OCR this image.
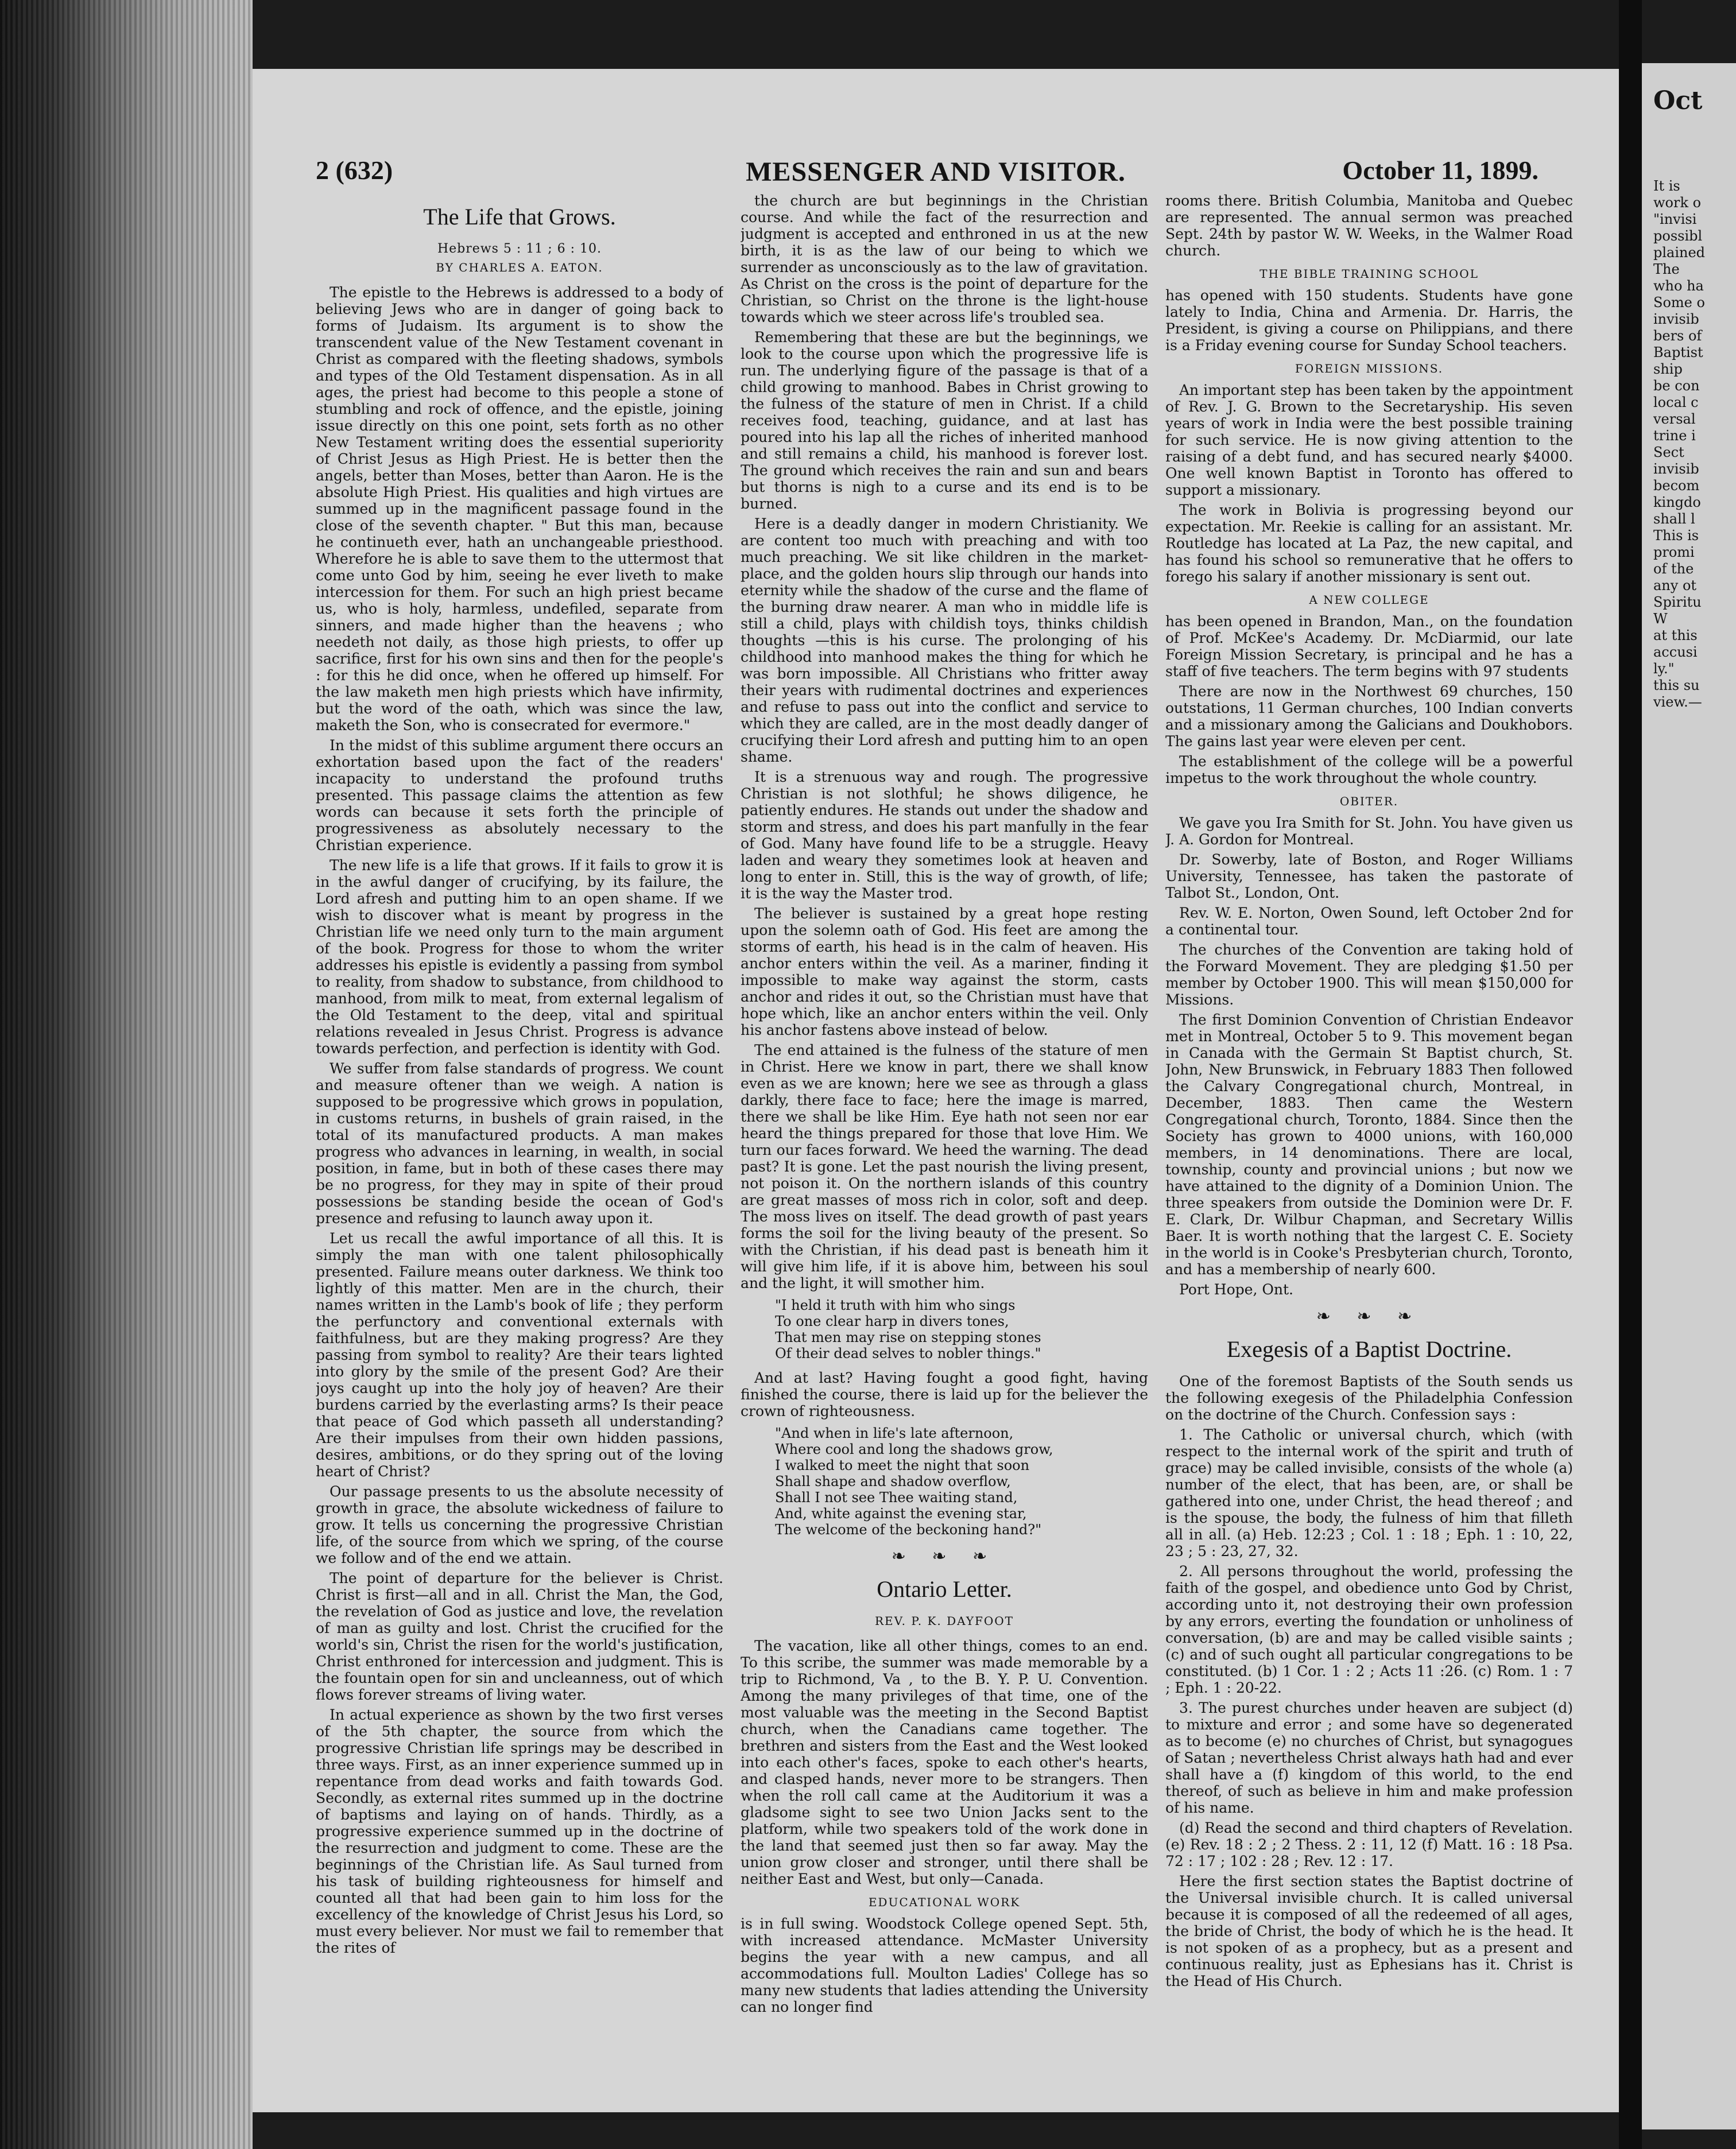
2 (632)	MESSENGER AND VISITOR.	October 11, 1899.
The Life that Grows.
Hebrews 5 : 11 ; 6 : 10.
BY CHARLES A. EATON.

The epistle to the Hebrews is addressed to a body of believing Jews who are in danger of going back to forms of Judaism. Its argument is to show the transcendent value of the New Testament covenant in Christ as compared with the fleeting shadows, symbols and types of the Old Testament dispensation. As in all ages, the priest had become to this people a stone of stumbling and rock of offence, and the epistle, joining issue directly on this one point, sets forth as no other New Testament writing does the essential superiority of Christ Jesus as High Priest. He is better then the angels, better than Moses, better than Aaron. He is the absolute High Priest. His qualities and high virtues are summed up in the magnificent passage found in the close of the seventh chapter. " But this man, because he continueth ever, hath an unchangeable priesthood. Wherefore he is able to save them to the uttermost that come unto God by him, seeing he ever liveth to make intercession for them. For such an high priest became us, who is holy, harmless, undefiled, separate from sinners, and made higher than the heavens ; who needeth not daily, as those high priests, to offer up sacrifice, first for his own sins and then for the people's : for this he did once, when he offered up himself. For the law maketh men high priests which have infirmity, but the word of the oath, which was since the law, maketh the Son, who is consecrated for evermore."

In the midst of this sublime argument there occurs an exhortation based upon the fact of the readers' incapacity to understand the profound truths presented. This passage claims the attention as few words can because it sets forth the principle of progressiveness as absolutely necessary to the Christian experience.

The new life is a life that grows. If it fails to grow it is in the awful danger of crucifying, by its failure, the Lord afresh and putting him to an open shame. If we wish to discover what is meant by progress in the Christian life we need only turn to the main argument of the book. Progress for those to whom the writer addresses his epistle is evidently a passing from symbol to reality, from shadow to substance, from childhood to manhood, from milk to meat, from external legalism of the Old Testament to the deep, vital and spiritual relations revealed in Jesus Christ. Progress is advance towards perfection, and perfection is identity with God.

We suffer from false standards of progress. We count and measure oftener than we weigh. A nation is supposed to be progressive which grows in population, in customs returns, in bushels of grain raised, in the total of its manufactured products. A man makes progress who advances in learning, in wealth, in social position, in fame, but in both of these cases there may be no progress, for they may in spite of their proud possessions be standing beside the ocean of God's presence and refusing to launch away upon it.

Let us recall the awful importance of all this. It is simply the man with one talent philosophically presented. Failure means outer darkness. We think too lightly of this matter. Men are in the church, their names written in the Lamb's book of life ; they perform the perfunctory and conventional externals with faithfulness, but are they making progress? Are they passing from symbol to reality? Are their tears lighted into glory by the smile of the present God? Are their joys caught up into the holy joy of heaven? Are their burdens carried by the everlasting arms? Is their peace that peace of God which passeth all understanding? Are their impulses from their own hidden passions, desires, ambitions, or do they spring out of the loving heart of Christ?

Our passage presents to us the absolute necessity of growth in grace, the absolute wickedness of failure to grow. It tells us concerning the progressive Christian life, of the source from which we spring, of the course we follow and of the end we attain.

The point of departure for the believer is Christ. Christ is first—all and in all. Christ the Man, the God, the revelation of God as justice and love, the revelation of man as guilty and lost. Christ the crucified for the world's sin, Christ the risen for the world's justification, Christ enthroned for intercession and judgment. This is the fountain open for sin and uncleanness, out of which flows forever streams of living water.

In actual experience as shown by the two first verses of the 5th chapter, the source from which the progressive Christian life springs may be described in three ways. First, as an inner experience summed up in repentance from dead works and faith towards God. Secondly, as external rites summed up in the doctrine of baptisms and laying on of hands. Thirdly, as a progressive experience summed up in the doctrine of the resurrection and judgment to come. These are the beginnings of the Christian life. As Saul turned from his task of building righteousness for himself and counted all that had been gain to him loss for the excellency of the knowledge of Christ Jesus his Lord, so must every believer. Nor must we fail to remember that the rites of

the church are but beginnings in the Christian course. And while the fact of the resurrection and judgment is accepted and enthroned in us at the new birth, it is as the law of our being to which we surrender as unconsciously as to the law of gravitation. As Christ on the cross is the point of departure for the Christian, so Christ on the throne is the light-house towards which we steer across life's troubled sea.

Remembering that these are but the beginnings, we look to the course upon which the progressive life is run. The underlying figure of the passage is that of a child growing to manhood. Babes in Christ growing to the fulness of the stature of men in Christ. If a child receives food, teaching, guidance, and at last has poured into his lap all the riches of inherited manhood and still remains a child, his manhood is forever lost. The ground which receives the rain and sun and bears but thorns is nigh to a curse and its end is to be burned.

Here is a deadly danger in modern Christianity. We are content too much with preaching and with too much preaching. We sit like children in the market-place, and the golden hours slip through our hands into eternity while the shadow of the curse and the flame of the burning draw nearer. A man who in middle life is still a child, plays with childish toys, thinks childish thoughts —this is his curse. The prolonging of his childhood into manhood makes the thing for which he was born impossible. All Christians who fritter away their years with rudimental doctrines and experiences and refuse to pass out into the conflict and service to which they are called, are in the most deadly danger of crucifying their Lord afresh and putting him to an open shame.

It is a strenuous way and rough. The progressive Christian is not slothful; he shows diligence, he patiently endures. He stands out under the shadow and storm and stress, and does his part manfully in the fear of God. Many have found life to be a struggle. Heavy laden and weary they sometimes look at heaven and long to enter in. Still, this is the way of growth, of life; it is the way the Master trod.

The believer is sustained by a great hope resting upon the solemn oath of God. His feet are among the storms of earth, his head is in the calm of heaven. His anchor enters within the veil. As a mariner, finding it impossible to make way against the storm, casts anchor and rides it out, so the Christian must have that hope which, like an anchor enters within the veil. Only his anchor fastens above instead of below.

The end attained is the fulness of the stature of men in Christ. Here we know in part, there we shall know even as we are known; here we see as through a glass darkly, there face to face; here the image is marred, there we shall be like Him. Eye hath not seen nor ear heard the things prepared for those that love Him. We turn our faces forward. We heed the warning. The dead past? It is gone. Let the past nourish the living present, not poison it. On the northern islands of this country are great masses of moss rich in color, soft and deep. The moss lives on itself. The dead growth of past years forms the soil for the living beauty of the present. So with the Christian, if his dead past is beneath him it will give him life, if it is above him, between his soul and the light, it will smother him.

"I held it truth with him who sings
To one clear harp in divers tones,
That men may rise on stepping stones
Of their dead selves to nobler things."

And at last? Having fought a good fight, having finished the course, there is laid up for the believer the crown of righteousness.

"And when in life's late afternoon,
Where cool and long the shadows grow,
I walked to meet the night that soon
Shall shape and shadow overflow,
Shall I not see Thee waiting stand,
And, white against the evening star,
The welcome of the beckoning hand?"
❧ ❧ ❧
Ontario Letter.
REV. P. K. DAYFOOT

The vacation, like all other things, comes to an end. To this scribe, the summer was made memorable by a trip to Richmond, Va , to the B. Y. P. U. Convention. Among the many privileges of that time, one of the most valuable was the meeting in the Second Baptist church, when the Canadians came together. The brethren and sisters from the East and the West looked into each other's faces, spoke to each other's hearts, and clasped hands, never more to be strangers. Then when the roll call came at the Auditorium it was a gladsome sight to see two Union Jacks sent to the platform, while two speakers told of the work done in the land that seemed just then so far away. May the union grow closer and stronger, until there shall be neither East and West, but only—Canada.

EDUCATIONAL WORK

is in full swing. Woodstock College opened Sept. 5th, with increased attendance. McMaster University begins the year with a new campus, and all accommodations full. Moulton Ladies' College has so many new students that ladies attending the University can no longer find

rooms there. British Columbia, Manitoba and Quebec are represented. The annual sermon was preached Sept. 24th by pastor W. W. Weeks, in the Walmer Road church.

THE BIBLE TRAINING SCHOOL

has opened with 150 students. Students have gone lately to India, China and Armenia. Dr. Harris, the President, is giving a course on Philippians, and there is a Friday evening course for Sunday School teachers.

FOREIGN MISSIONS.

An important step has been taken by the appointment of Rev. J. G. Brown to the Secretaryship. His seven years of work in India were the best possible training for such service. He is now giving attention to the raising of a debt fund, and has secured nearly $4000. One well known Baptist in Toronto has offered to support a missionary.

The work in Bolivia is progressing beyond our expectation. Mr. Reekie is calling for an assistant. Mr. Routledge has located at La Paz, the new capital, and has found his school so remunerative that he offers to forego his salary if another missionary is sent out.

A NEW COLLEGE

has been opened in Brandon, Man., on the foundation of Prof. McKee's Academy. Dr. McDiarmid, our late Foreign Mission Secretary, is principal and he has a staff of five teachers. The term begins with 97 students

There are now in the Northwest 69 churches, 150 outstations, 11 German churches, 100 Indian converts and a missionary among the Galicians and Doukhobors. The gains last year were eleven per cent.

The establishment of the college will be a powerful impetus to the work throughout the whole country.

OBITER.

We gave you Ira Smith for St. John. You have given us J. A. Gordon for Montreal.

Dr. Sowerby, late of Boston, and Roger Williams University, Tennessee, has taken the pastorate of Talbot St., London, Ont.

Rev. W. E. Norton, Owen Sound, left October 2nd for a continental tour.

The churches of the Convention are taking hold of the Forward Movement. They are pledging $1.50 per member by October 1900. This will mean $150,000 for Missions.

The first Dominion Convention of Christian Endeavor met in Montreal, October 5 to 9. This movement began in Canada with the Germain St Baptist church, St. John, New Brunswick, in February 1883 Then followed the Calvary Congregational church, Montreal, in December, 1883. Then came the Western Congregational church, Toronto, 1884. Since then the Society has grown to 4000 unions, with 160,000 members, in 14 denominations. There are local, township, county and provincial unions ; but now we have attained to the dignity of a Dominion Union. The three speakers from outside the Dominion were Dr. F. E. Clark, Dr. Wilbur Chapman, and Secretary Willis Baer. It is worth nothing that the largest C. E. Society in the world is in Cooke's Presbyterian church, Toronto, and has a membership of nearly 600.

Port Hope, Ont.

❧ ❧ ❧
Exegesis of a Baptist Doctrine.

One of the foremost Baptists of the South sends us the following exegesis of the Philadelphia Confession on the doctrine of the Church. Confession says :

1. The Catholic or universal church, which (with respect to the internal work of the spirit and truth of grace) may be called invisible, consists of the whole (a) number of the elect, that has been, are, or shall be gathered into one, under Christ, the head thereof ; and is the spouse, the body, the fulness of him that filleth all in all. (a) Heb. 12:23 ; Col. 1 : 18 ; Eph. 1 : 10, 22, 23 ; 5 : 23, 27, 32.

2. All persons throughout the world, professing the faith of the gospel, and obedience unto God by Christ, according unto it, not destroying their own profession by any errors, everting the foundation or unholiness of conversation, (b) are and may be called visible saints ; (c) and of such ought all particular congregations to be constituted. (b) 1 Cor. 1 : 2 ; Acts 11 :26. (c) Rom. 1 : 7 ; Eph. 1 : 20-22.

3. The purest churches under heaven are subject (d) to mixture and error ; and some have so degenerated as to become (e) no churches of Christ, but synagogues of Satan ; nevertheless Christ always hath had and ever shall have a (f) kingdom of this world, to the end thereof, of such as believe in him and make profession of his name.

(d) Read the second and third chapters of Revelation. (e) Rev. 18 : 2 ; 2 Thess. 2 : 11, 12 (f) Matt. 16 : 18 Psa. 72 : 17 ; 102 : 28 ; Rev. 12 : 17.

Here the first section states the Baptist doctrine of the Universal invisible church. It is called universal because it is composed of all the redeemed of all ages, the bride of Christ, the body of which he is the head. It is not spoken of as a prophecy, but as a present and continuous reality, just as Ephesians has it. Christ is the Head of His Church.

Oct
It is
work o
"invisi
possibl
plained
The
who ha
Some o
invisib
bers of
Baptist
ship
be con
local c
versal
trine i
Sect
invisib
becom
kingdo
shall l
This is
promi
of the
any ot
Spiritu
W
at this
accusi
ly."
this su
view.—
